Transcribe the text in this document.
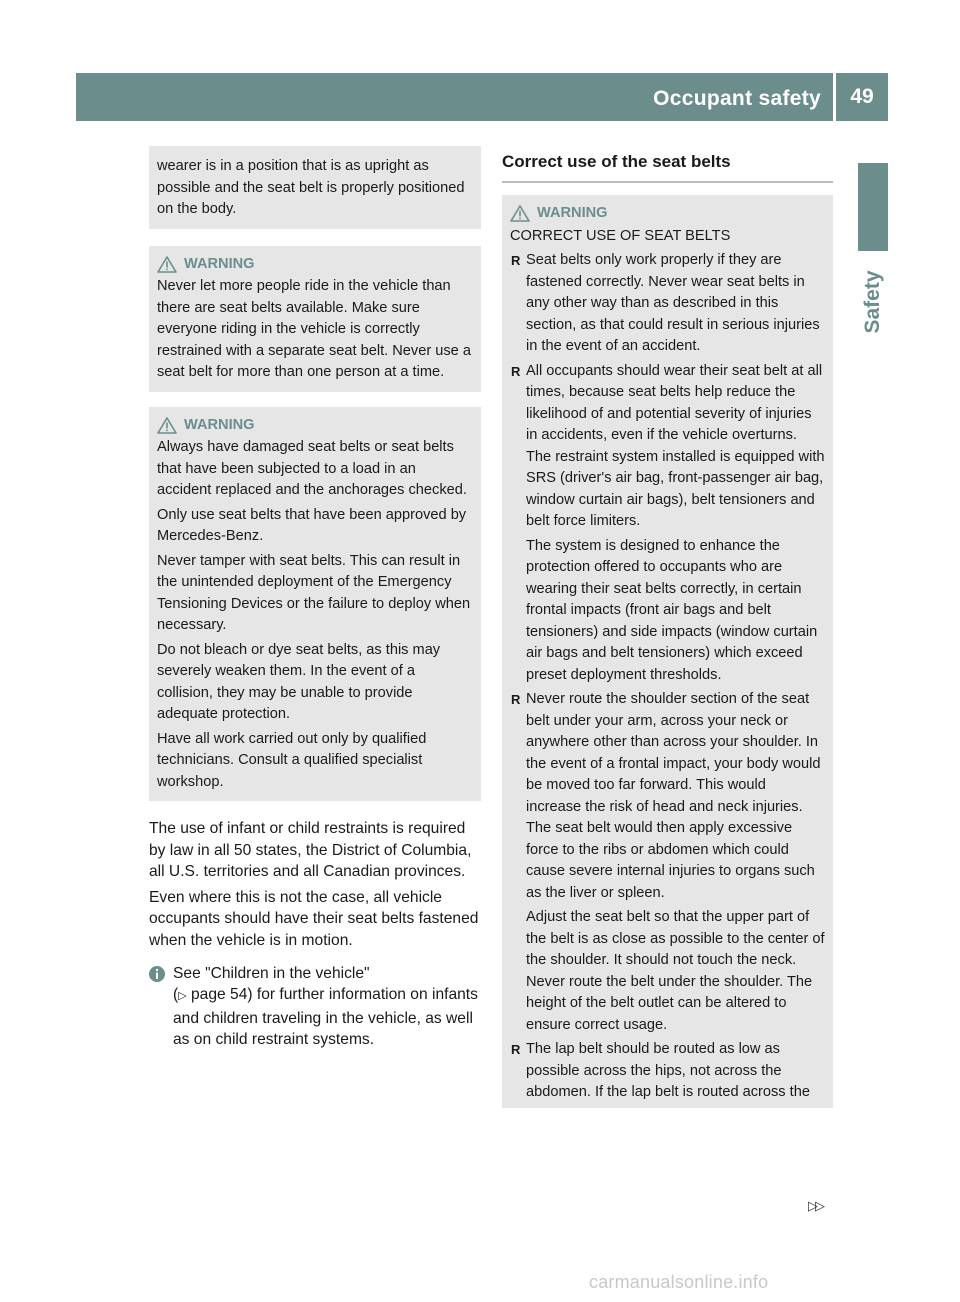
Occupant safety	49
Safety

wearer is in a position that is as upright as possible and the seat belt is properly positioned on the body.

WARNING

Never let more people ride in the vehicle than there are seat belts available. Make sure everyone riding in the vehicle is correctly restrained with a separate seat belt. Never use a seat belt for more than one person at a time.

WARNING

Always have damaged seat belts or seat belts that have been subjected to a load in an accident replaced and the anchorages checked.

Only use seat belts that have been approved by Mercedes-Benz.

Never tamper with seat belts. This can result in the unintended deployment of the Emergency Tensioning Devices or the failure to deploy when necessary.

Do not bleach or dye seat belts, as this may severely weaken them. In the event of a collision, they may be unable to provide adequate protection.

Have all work carried out only by qualified technicians. Consult a qualified specialist workshop.

The use of infant or child restraints is required by law in all 50 states, the District of Columbia, all U.S. territories and all Canadian provinces.

Even where this is not the case, all vehicle occupants should have their seat belts fastened when the vehicle is in motion.

See "Children in the vehicle"
(▷ page 54) for further information on infants and children traveling in the vehicle, as well as on child restraint systems.
Correct use of the seat belts
WARNING

CORRECT USE OF SEAT BELTS

R Seat belts only work properly if they are fastened correctly. Never wear seat belts in any other way than as described in this section, as that could result in serious injuries in the event of an accident.

R All occupants should wear their seat belt at all times, because seat belts help reduce the likelihood of and potential severity of injuries in accidents, even if the vehicle overturns. The restraint system installed is equipped with SRS (driver's air bag, front-passenger air bag, window curtain air bags), belt tensioners and belt force limiters.

The system is designed to enhance the protection offered to occupants who are wearing their seat belts correctly, in certain frontal impacts (front air bags and belt tensioners) and side impacts (window curtain air bags and belt tensioners) which exceed preset deployment thresholds.

R Never route the shoulder section of the seat belt under your arm, across your neck or anywhere other than across your shoulder. In the event of a frontal impact, your body would be moved too far forward. This would increase the risk of head and neck injuries. The seat belt would then apply excessive force to the ribs or abdomen which could cause severe internal injuries to organs such as the liver or spleen.

Adjust the seat belt so that the upper part of the belt is as close as possible to the center of the shoulder. It should not touch the neck. Never route the belt under the shoulder. The height of the belt outlet can be altered to ensure correct usage.

R The lap belt should be routed as low as possible across the hips, not across the abdomen. If the lap belt is routed across the

▷▷
carmanualsonline.info
